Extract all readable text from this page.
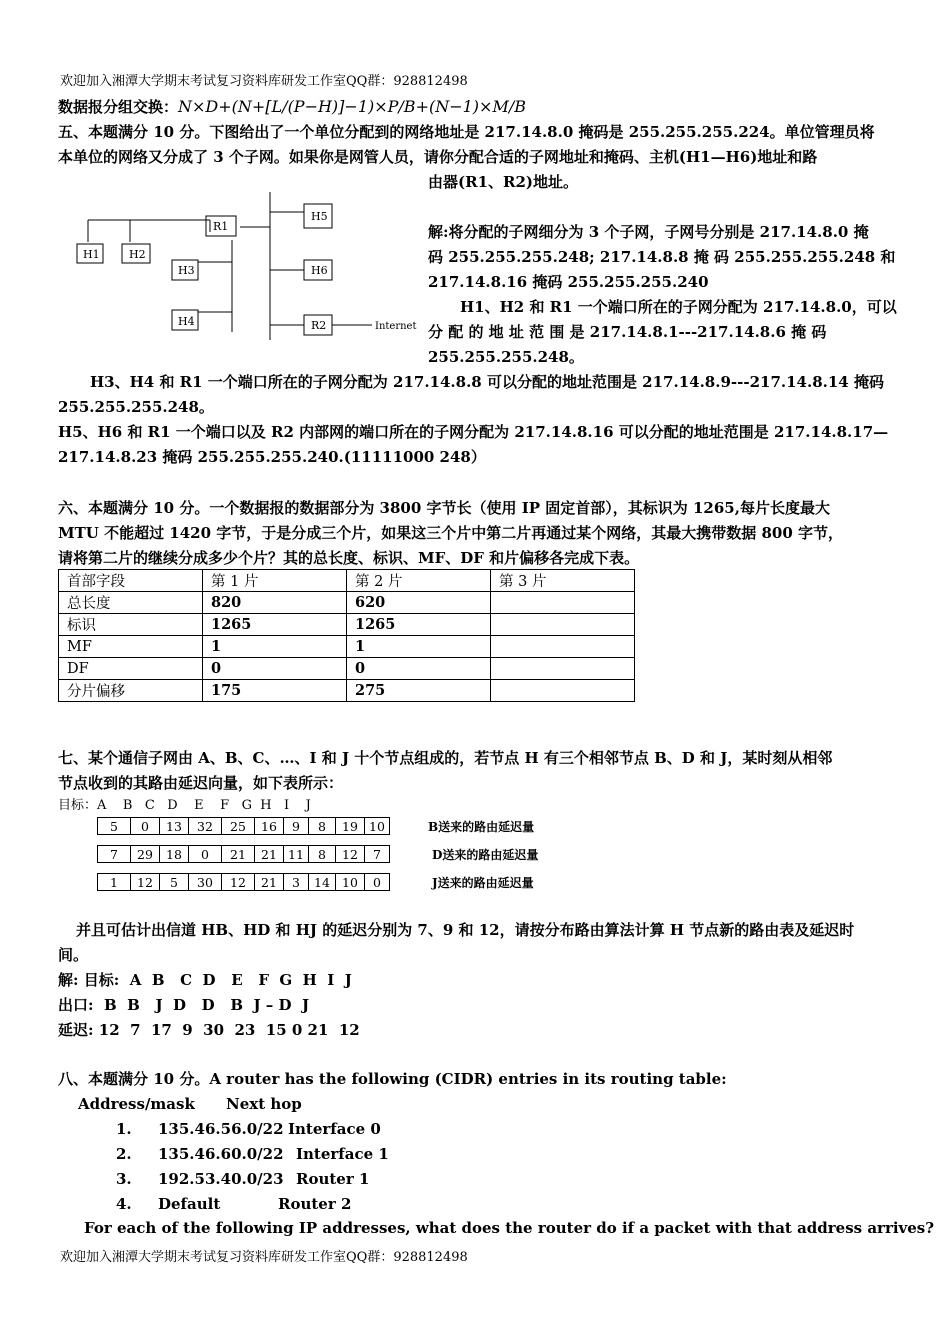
欢迎加入湘潭大学期末考试复习资料库研发工作室QQ群：928812498
数据报分组交换：N×D+(N+[L/(P−H)]−1)×P/B+(N−1)×M/B
五、本题满分 10 分。下图给出了一个单位分配到的网络地址是 217.14.8.0 掩码是 255.255.255.224。单位管理员将
本单位的网络又分成了 3 个子网。如果你是网管人员，请你分配合适的子网地址和掩码、主机(H1—H6)地址和路
由器(R1、R2)地址。
H1	H2
R1
H3
H4
H5
H6
R2	Internet
解:将分配的子网细分为 3 个子网，子网号分别是 217.14.8.0 掩
码 255.255.255.248; 217.14.8.8 掩 码 255.255.255.248 和
217.14.8.16 掩码 255.255.255.240
H1、H2 和 R1 一个端口所在的子网分配为 217.14.8.0，可以
分 配 的 地 址 范 围 是 217.14.8.1---217.14.8.6 掩 码
255.255.255.248。
H3、H4 和 R1 一个端口所在的子网分配为 217.14.8.8 可以分配的地址范围是 217.14.8.9---217.14.8.14 掩码
255.255.255.248。
H5、H6 和 R1 一个端口以及 R2 内部网的端口所在的子网分配为 217.14.8.16 可以分配的地址范围是 217.14.8.17—
217.14.8.23 掩码 255.255.255.240.(11111000 248）
六、本题满分 10 分。一个数据报的数据部分为 3800 字节长（使用 IP 固定首部），其标识为 1265,每片长度最大
MTU 不能超过 1420 字节，于是分成三个片，如果这三个片中第二片再通过某个网络，其最大携带数据 800 字节，
请将第二片的继续分成多少个片？其的总长度、标识、MF、DF 和片偏移各完成下表。
首部字段	第 1 片	第 2 片	第 3 片
总长度	820	620	
标识	1265	1265	
MF	1	1	
DF	0	0	
分片偏移	175	275	
七、某个通信子网由 A、B、C、…、I 和 J 十个节点组成的，若节点 H 有三个相邻节点 B、D 和 J，某时刻从相邻
节点收到的其路由延迟向量，如下表所示：
目标：A    B   C   D    E    F   G  H   I    J
5	0	13	32	25	16	9	8	19	10	B送来的路由延迟量
7	29	18	0	21	21	11	8	12	7	D送来的路由延迟量
1	12	5	30	12	21	3	14	10	0	J送来的路由延迟量
并且可估计出信道 HB、HD 和 HJ 的延迟分别为 7、9 和 12，请按分布路由算法计算 H 节点新的路由表及延迟时
间。
解: 目标:  A  B   C  D   E   F  G  H  I  J
出口:  B  B   J  D   D   B  J – D  J
延迟: 12  7  17  9  30  23  15 0 21  12
八、本题满分 10 分。A router has the following (CIDR) entries in its routing table:
Address/mask Next hop
1. 135.46.56.0/22 Interface 0
2. 135.46.60.0/22 Interface 1
3. 192.53.40.0/23 Router 1
4. Default	Router 2
For each of the following IP addresses, what does the router do if a packet with that address arrives?
欢迎加入湘潭大学期末考试复习资料库研发工作室QQ群：928812498
